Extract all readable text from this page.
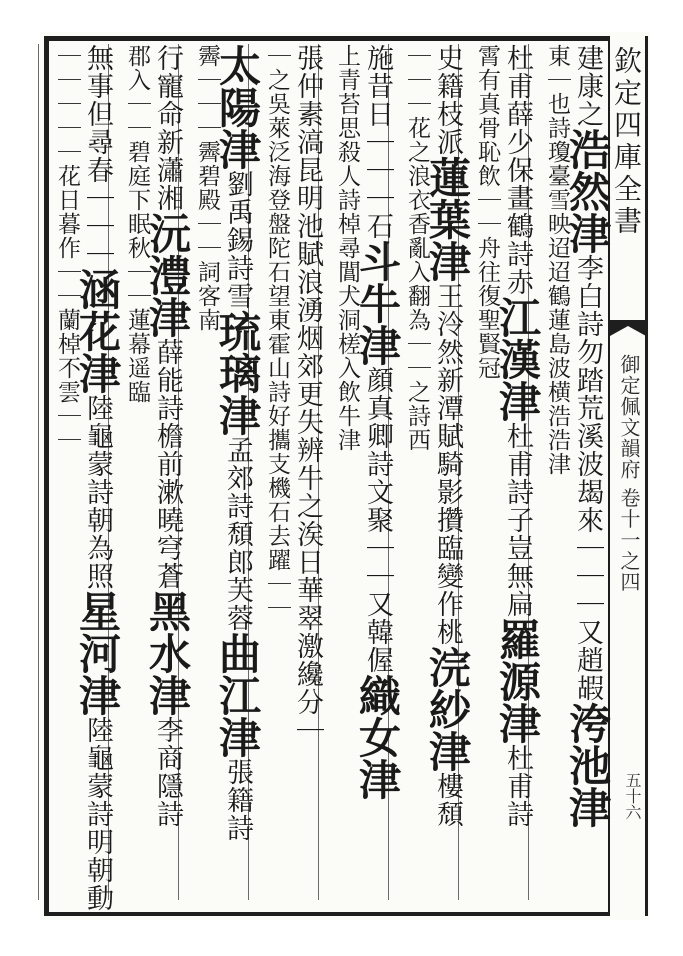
欽定四庫全書
御定佩文韻府 卷十一之四
五十六
建康之浩然津李白詩勿踏荒溪波朅來｜｜｜又趙嘏洿池津
東｜也詩瓊臺雪映迢迢鶴蓮島波横浩浩津
杜甫薛少保畫鶴詩赤江漢津杜甫詩子豈無扁羅源津杜甫詩
霄有真骨恥飲｜｜舟往復聖賢冠
史籍枝派蓮葉津王泠然新潭賦騎影攢臨變作桃浣紗津樓頹
｜｜｜花之浪衣香亂入翻為｜｜之詩西
施昔日｜｜｜石斗牛津顔真卿詩文聚｜｜又韓偓織女津
上青苔思殺人詩棹尋閶犬洞槎入飲牛津
張仲素滈昆明池賦浪湧烟郊更失辨牛之涘日華翠激纔分｜
｜之吳萊泛海登盤陀石望東霍山詩好攜支機石去躍｜｜
太陽津劉禹錫詩雪琉璃津孟郊詩頹郎芙蓉曲江津張籍詩
霽｜｜｜霽碧殿｜｜詞客南
行寵命新瀟湘沅澧津薛能詩檐前漱曉穹蒼黑水津李商隱詩
郡入｜｜碧庭下眠秋｜｜蓮幕遥臨
無事但尋春｜｜｜涵花津陸龜蒙詩朝為照星河津陸龜蒙詩明朝動
｜｜｜｜｜花日暮作｜｜蘭棹不雲｜｜
